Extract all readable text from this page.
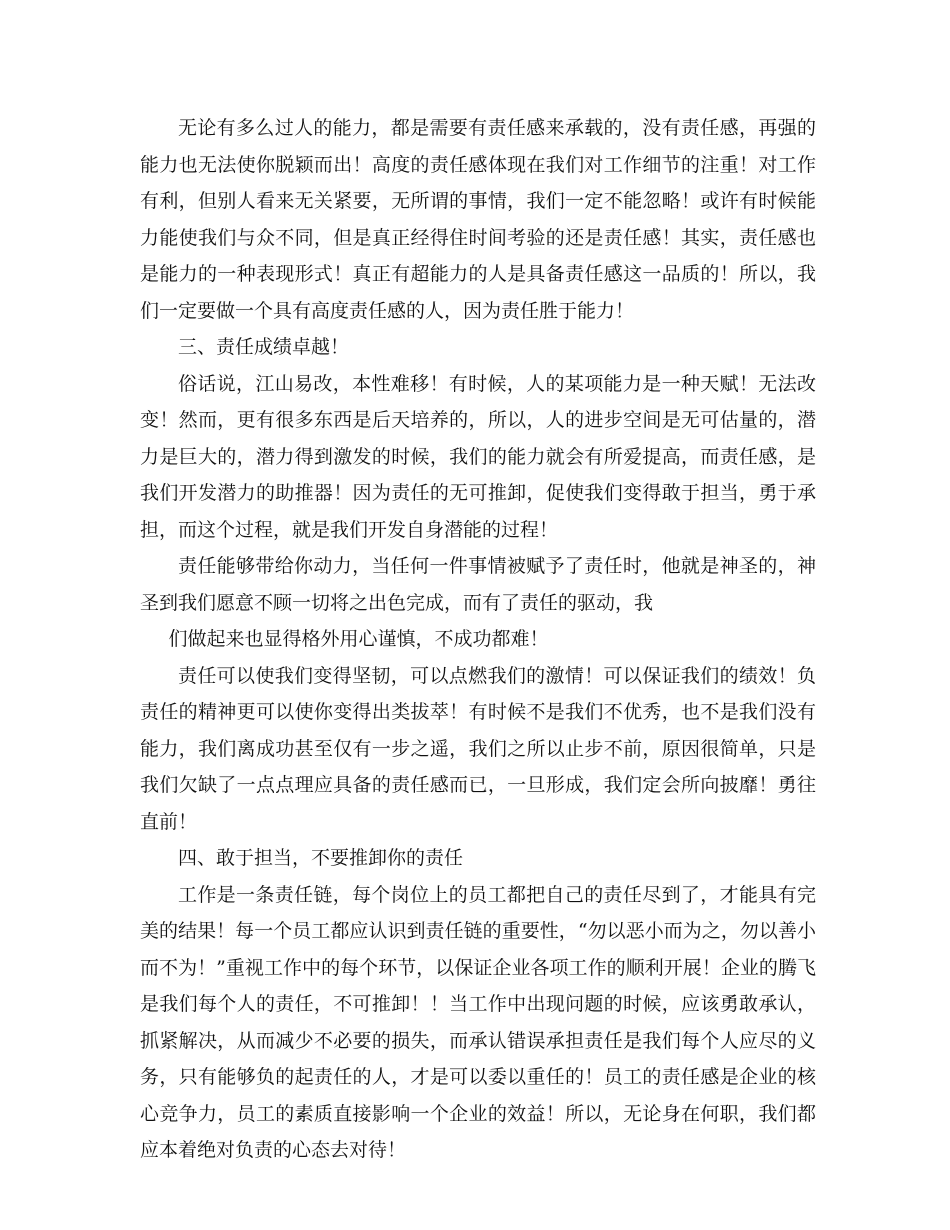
无论有多么过人的能力，都是需要有责任感来承载的，没有责任感，再强的能力也无法使你脱颖而出！高度的责任感体现在我们对工作细节的注重！对工作有利，但别人看来无关紧要，无所谓的事情，我们一定不能忽略！或许有时候能力能使我们与众不同，但是真正经得住时间考验的还是责任感！其实，责任感也是能力的一种表现形式！真正有超能力的人是具备责任感这一品质的！所以，我们一定要做一个具有高度责任感的人，因为责任胜于能力！

三、责任成绩卓越！

俗话说，江山易改，本性难移！有时候，人的某项能力是一种天赋！无法改变！然而，更有很多东西是后天培养的，所以，人的进步空间是无可估量的，潜力是巨大的，潜力得到激发的时候，我们的能力就会有所爱提高，而责任感，是我们开发潜力的助推器！因为责任的无可推卸，促使我们变得敢于担当，勇于承担，而这个过程，就是我们开发自身潜能的过程！

责任能够带给你动力，当任何一件事情被赋予了责任时，他就是神圣的，神圣到我们愿意不顾一切将之出色完成，而有了责任的驱动，我

们做起来也显得格外用心谨慎，不成功都难！

责任可以使我们变得坚韧，可以点燃我们的激情！可以保证我们的绩效！负责任的精神更可以使你变得出类拔萃！有时候不是我们不优秀，也不是我们没有能力，我们离成功甚至仅有一步之遥，我们之所以止步不前，原因很简单，只是我们欠缺了一点点理应具备的责任感而已，一旦形成，我们定会所向披靡！勇往直前！

四、敢于担当，不要推卸你的责任

工作是一条责任链，每个岗位上的员工都把自己的责任尽到了，才能具有完美的结果！每一个员工都应认识到责任链的重要性，“勿以恶小而为之，勿以善小而不为！”重视工作中的每个环节，以保证企业各项工作的顺利开展！企业的腾飞是我们每个人的责任，不可推卸！！当工作中出现问题的时候，应该勇敢承认，抓紧解决，从而减少不必要的损失，而承认错误承担责任是我们每个人应尽的义务，只有能够负的起责任的人，才是可以委以重任的！员工的责任感是企业的核心竞争力，员工的素质直接影响一个企业的效益！所以，无论身在何职，我们都应本着绝对负责的心态去对待！
